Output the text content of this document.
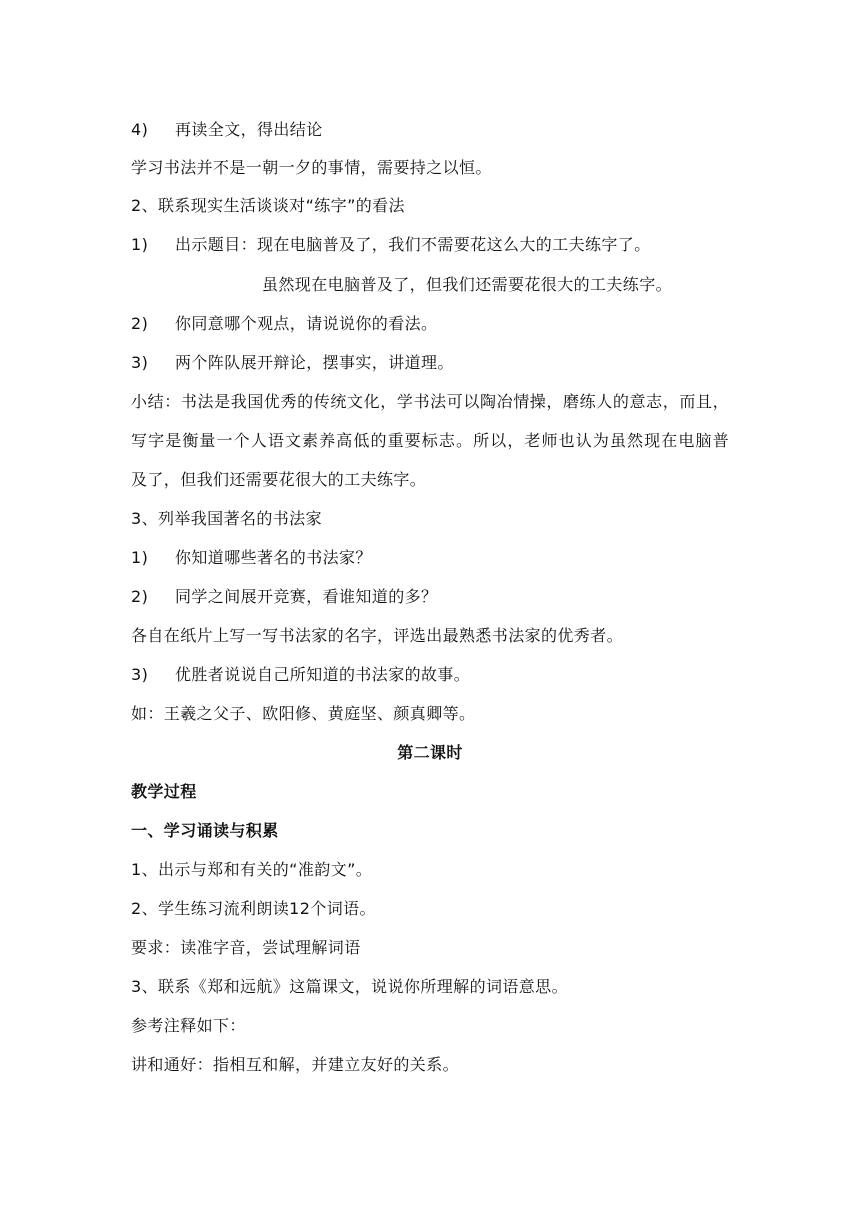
4) 再读全文，得出结论
学习书法并不是一朝一夕的事情，需要持之以恒。
2、联系现实生活谈谈对“练字”的看法
1) 出示题目：现在电脑普及了，我们不需要花这么大的工夫练字了。
虽然现在电脑普及了，但我们还需要花很大的工夫练字。
2) 你同意哪个观点，请说说你的看法。
3) 两个阵队展开辩论，摆事实，讲道理。
小结：书法是我国优秀的传统文化，学书法可以陶冶情操，磨练人的意志，而且，
写字是衡量一个人语文素养高低的重要标志。所以，老师也认为虽然现在电脑普
及了，但我们还需要花很大的工夫练字。
3、列举我国著名的书法家
1) 你知道哪些著名的书法家？
2) 同学之间展开竞赛，看谁知道的多？
各自在纸片上写一写书法家的名字，评选出最熟悉书法家的优秀者。
3) 优胜者说说自己所知道的书法家的故事。
如：王羲之父子、欧阳修、黄庭坚、颜真卿等。
第二课时
教学过程
一、学习诵读与积累
1、出示与郑和有关的“准韵文”。
2、学生练习流利朗读12个词语。
要求：读准字音，尝试理解词语
3、联系《郑和远航》这篇课文，说说你所理解的词语意思。
参考注释如下：
讲和通好：指相互和解，并建立友好的关系。
